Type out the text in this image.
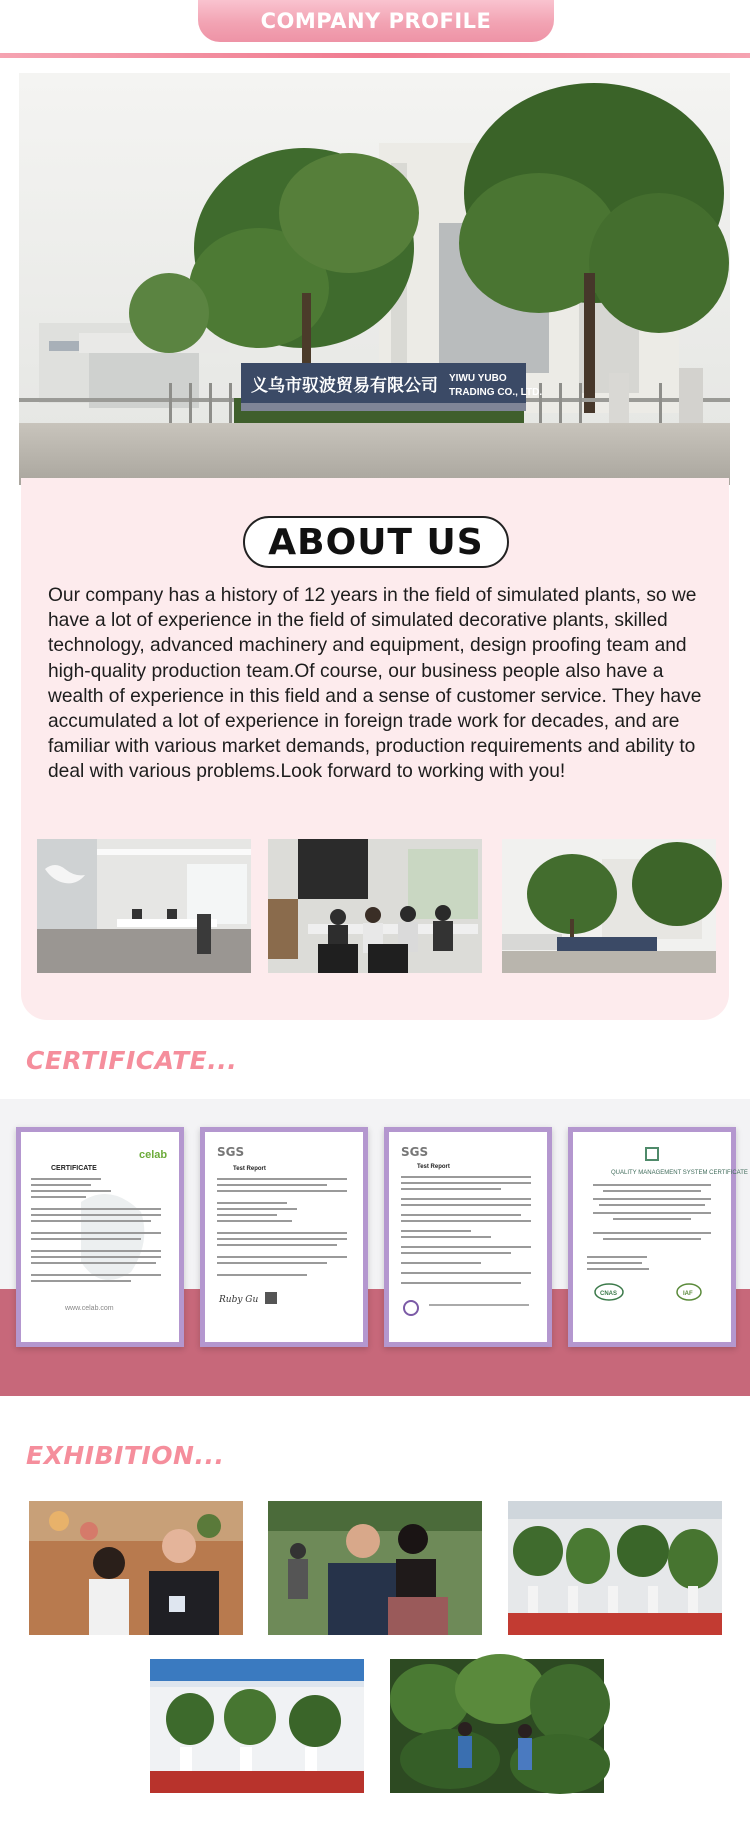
COMPANY PROFILE
义乌市驭波贸易有限公司 YIWU YUBO
TRADING CO., LTD.
ABOUT US

Our company has a history of 12 years in the field of simulated plants, so we have a lot of experience in the field of simulated decorative plants, skilled technology, advanced machinery and equipment, design proofing team and high-quality production team.Of course, our business people also have a wealth of experience in this field and a sense of customer service. They have accumulated a lot of experience in foreign trade work for decades, and are familiar with various market demands, production requirements and ability to deal with various problems.Look forward to working with you!

CERTIFICATE...
celab
CERTIFICATE
www.celab.com
SGS
Test Report
Ruby Gu
SGS
Test Report
QUALITY MANAGEMENT SYSTEM CERTIFICATE
CNAS	IAF
EXHIBITION...
